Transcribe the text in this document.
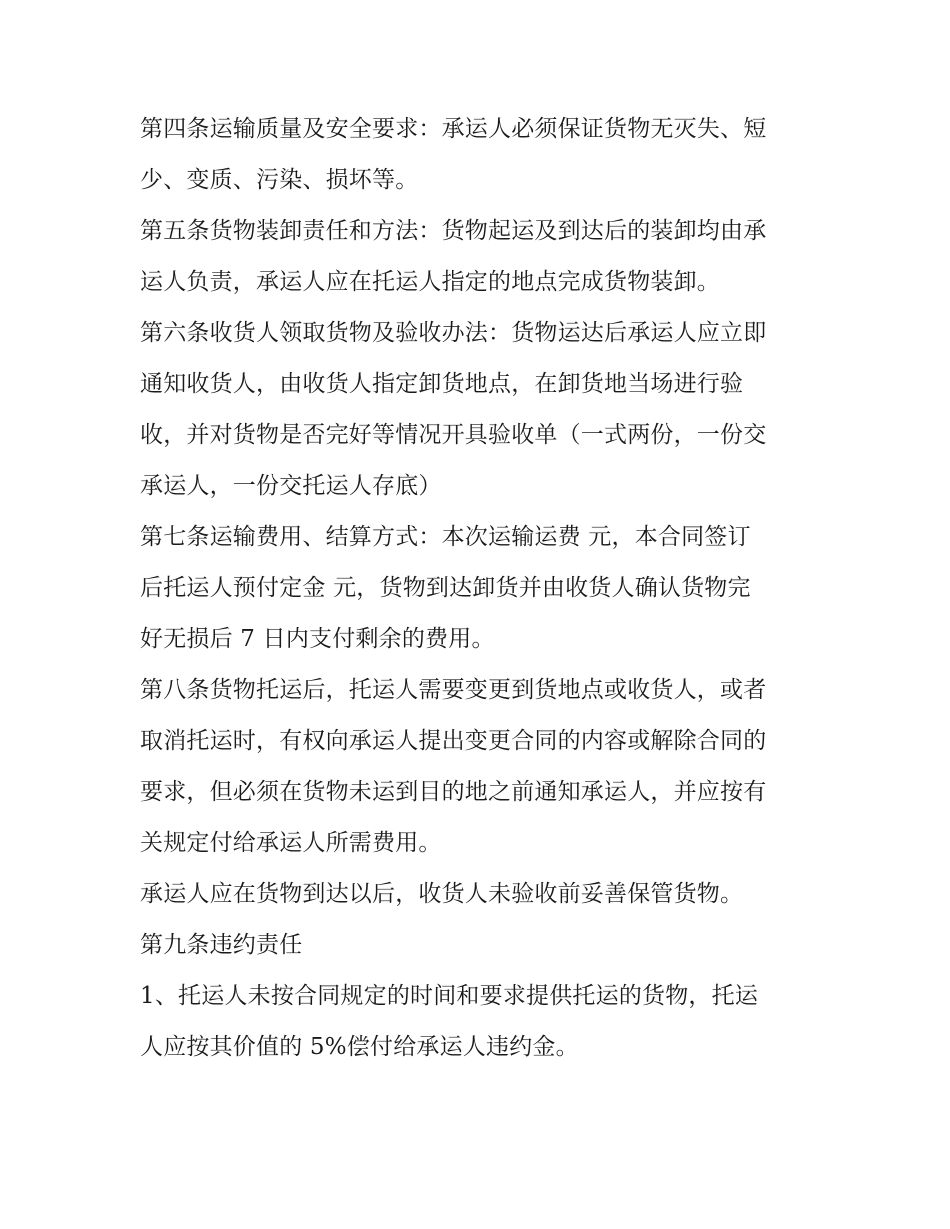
第四条运输质量及安全要求：承运人必须保证货物无灭失、短
少、变质、污染、损坏等。
第五条货物装卸责任和方法：货物起运及到达后的装卸均由承
运人负责，承运人应在托运人指定的地点完成货物装卸。
第六条收货人领取货物及验收办法：货物运达后承运人应立即
通知收货人，由收货人指定卸货地点，在卸货地当场进行验
收，并对货物是否完好等情况开具验收单（一式两份，一份交
承运人，一份交托运人存底）
第七条运输费用、结算方式：本次运输运费 元，本合同签订
后托运人预付定金 元，货物到达卸货并由收货人确认货物完
好无损后 7 日内支付剩余的费用。
第八条货物托运后，托运人需要变更到货地点或收货人，或者
取消托运时，有权向承运人提出变更合同的内容或解除合同的
要求，但必须在货物未运到目的地之前通知承运人，并应按有
关规定付给承运人所需费用。
承运人应在货物到达以后，收货人未验收前妥善保管货物。
第九条违约责任
1、托运人未按合同规定的时间和要求提供托运的货物，托运
人应按其价值的 5%偿付给承运人违约金。
